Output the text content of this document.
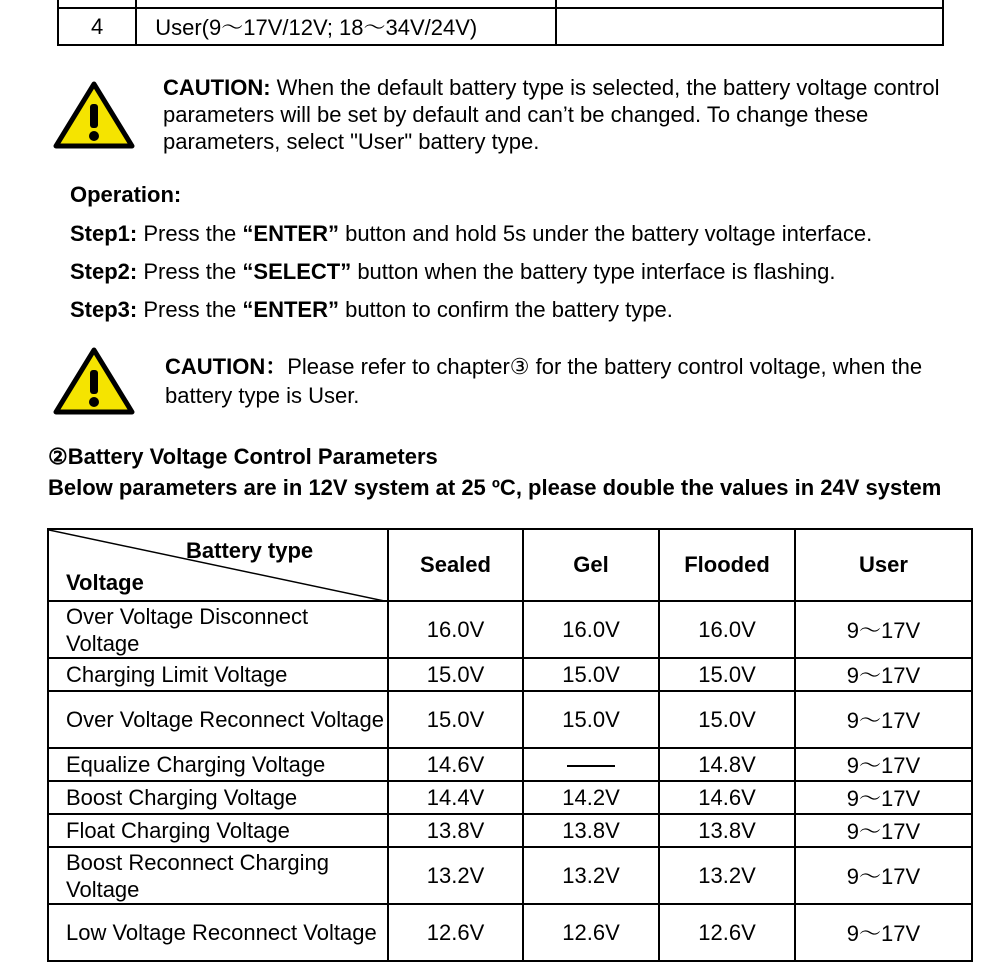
4	User(9～17V/12V; 18～34V/24V)	
CAUTION: When the default battery type is selected, the battery voltage control parameters will be set by default and can’t be changed. To change these parameters, select "User" battery type.
Operation:
Step1: Press the “ENTER” button and hold 5s under the battery voltage interface.
Step2: Press the “SELECT” button when the battery type interface is flashing.
Step3: Press the “ENTER” button to confirm the battery type.
CAUTION：Please refer to chapter③ for the battery control voltage, when the battery type is User.
②Battery Voltage Control Parameters
Below parameters are in 12V system at 25 ºC, please double the values in 24V system
Battery type
Voltage	Sealed	Gel	Flooded	User
Over Voltage Disconnect Voltage	16.0V	16.0V	16.0V	9～17V
Charging Limit Voltage	15.0V	15.0V	15.0V	9～17V
Over Voltage Reconnect Voltage	15.0V	15.0V	15.0V	9～17V
Equalize Charging Voltage	14.6V		14.8V	9～17V
Boost Charging Voltage	14.4V	14.2V	14.6V	9～17V
Float Charging Voltage	13.8V	13.8V	13.8V	9～17V
Boost Reconnect Charging Voltage	13.2V	13.2V	13.2V	9～17V
Low Voltage Reconnect Voltage	12.6V	12.6V	12.6V	9～17V
